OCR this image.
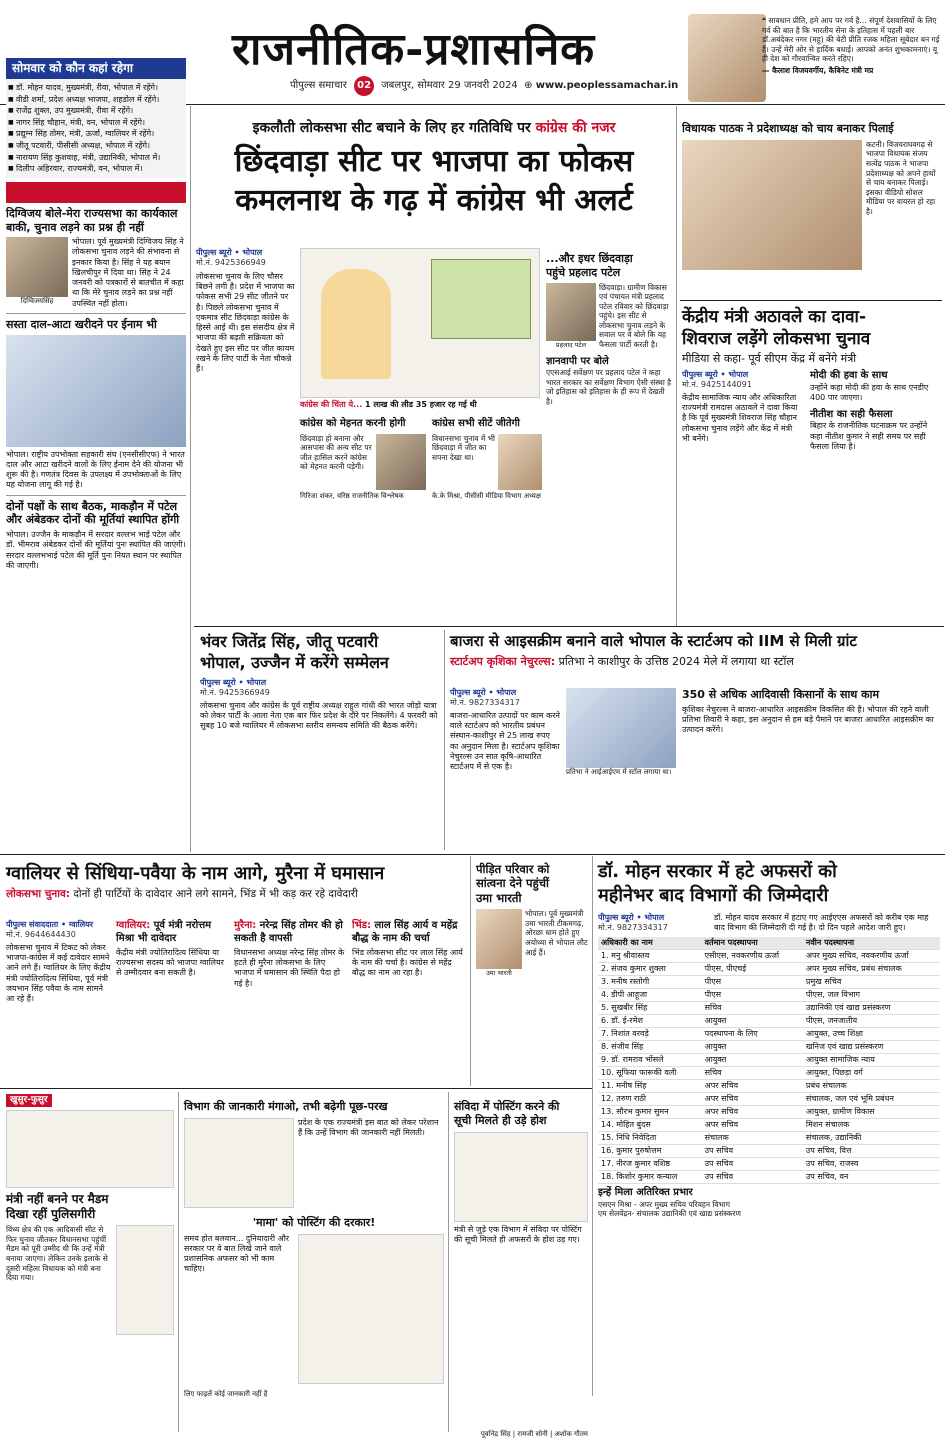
राजनीतिक-प्रशासनिक
पीपुल्स समाचार 02 जबलपुर, सोमवार 29 जनवरी 2024 ⊕ www.peoplessamachar.in
❝ सावधान प्रीति, हमे आप पर गर्व है... संपूर्ण देशवासियों के लिए गर्व की बात है कि भारतीय सेना के इतिहास में पहली बार डॉ.अबंदेकर नगर (महू) की बेटी प्रीति रजक महिला सूबेदार बन गई हैं। उन्हें मेरी ओर से हार्दिक बधाई। आपको अनंत शुभकामनाएं। यू ही देश को गौरवान्वित करते रहिए।
— कैलाश विजयवर्गीय, कैबिनेट मंत्री मप्र
सोमवार को कौन कहां रहेगा
■ डॉ. मोहन यादव, मुख्यमंत्री, रीवा, भोपाल में रहेंगे।
■ वीडी शर्मा, प्रदेश अध्यक्ष भाजपा, शहडोल में रहेंगे।
■ राजेंद्र शुक्ल, उप मुख्यमंत्री, रीवा में रहेंगे।
■ नागर सिंह चौहान, मंत्री, वन, भोपाल में रहेंगे।
■ प्रद्युम्न सिंह तोमर, मंत्री, ऊर्जा, ग्वालियर में रहेंगे।
■ जीतू पटवारी, पीसीसी अध्यक्ष, भोपाल में रहेंगे।
■ नारायण सिंह कुशवाह, मंत्री, उद्यानिकी, भोपाल में।
■ दिलीप अहिरवार, राज्यमंत्री, वन, भोपाल में।
सार - समाचार
दिग्विजय बोले-मेरा राज्यसभा का कार्यकाल बाकी, चुनाव लड़ने का प्रश्न ही नहीं
दिग्विजयसिंह
भोपाल। पूर्व मुख्यमंत्री दिग्विजय सिंह ने लोकसभा चुनाव लड़ने की संभावना से इनकार किया है। सिंह ने यह बयान खिलचीपुर में दिया था। सिंह ने 24 जनवरी को पत्रकारों से बातचीत में कहा था कि मेरे चुनाव लड़ने का प्रश्न नहीं उपस्थित नहीं होता।
सस्ता दाल-आटा खरीदने पर ईनाम भी
भोपाल। राष्ट्रीय उपभोक्ता सहकारी संघ (एनसीसीएफ) ने भारत दाल और आटा खरीदने वालों के लिए ईनाम देने की योजना भी शुरू की है। गणतंत्र दिवस के उपलक्ष्य में उपभोक्ताओं के लिए यह योजना लागू की गई है।
दोनों पक्षों के साथ बैठक, माकड़ौन में पटेल और अंबेडकर दोनों की मूर्तियां स्थापित होंगी
भोपाल। उज्जैन के माकड़ौन में सरदार वल्लभ भाई पटेल और डॉ. भीमराव अंबेडकर दोनों की मूर्तियां पुनः स्थापित की जाएंगी। सरदार वल्लभभाई पटेल की मूर्ति पुनः नियत स्थान पर स्थापित की जाएगी।
इकलौती लोकसभा सीट बचाने के लिए हर गतिविधि पर कांग्रेस की नजर
छिंदवाड़ा सीट पर भाजपा का फोकस
कमलनाथ के गढ़ में कांग्रेस भी अलर्ट
पीपुल्स ब्यूरो • भोपाल
मो.नं. 9425366949
लोकसभा चुनाव के लिए चौसर बिछने लगी है। प्रदेश में भाजपा का फोकस सभी 29 सीट जीतने पर है। पिछले लोकसभा चुनाव में एकमात्र सीट छिंदवाड़ा कांग्रेस के हिस्से आई थी। इस संसदीय क्षेत्र में भाजपा की बढ़ती सक्रियता को देखते हुए इस सीट पर जीत कायम रखने के लिए पार्टी के नेता चौकन्ने हैं।
कांग्रेस की चिंता ये... 1 लाख की लीड 35 हजार रह गई थी
...और इधर छिंदवाड़ा
पहुंचे प्रहलाद पटेल
प्रहलाद पटेल
छिंदवाड़ा। ग्रामीण विकास एवं पंचायत मंत्री प्रहलाद पटेल रविवार को छिंदवाड़ा पहुंचे। इस सीट से लोकसभा चुनाव लड़ने के सवाल पर वे बोले कि यह फैसला पार्टी करती है।
ज्ञानवापी पर बोले
एएसआई सर्वेक्षण पर प्रहलाद पटेल ने कहा भारत सरकार का सर्वेक्षण विभाग ऐसी संस्था है जो इतिहास को इतिहास के ही रूप में देखती है।
कांग्रेस को मेहनत करनी होगी
छिंदवाड़ा हो बनाना और आसपास की अन्य सीट पर जीत हासिल करने कांग्रेस को मेहनत करनी पड़ेगी।
गिरिजा शंकर, वरिष्ठ राजनीतिक विश्लेषक
कांग्रेस सभी सीटें जीतेगी
विधानसभा चुनाव में भी छिंदवाड़ा में जीत का सपना देखा था।
के.के मिश्रा, पीसीसी मीडिया विभाग अध्यक्ष
विधायक पाठक ने प्रदेशाध्यक्ष को चाय बनाकर पिलाई
कटनी। विजयराघवगढ़ से भाजपा विधायक संजय सत्येंद्र पाठक ने भाजपा प्रदेशाध्यक्ष को अपने हाथों से चाय बनाकर पिलाई। इसका वीडियो सोशल मीडिया पर वायरल हो रहा है।
केंद्रीय मंत्री अठावले का दावा-
शिवराज लड़ेंगे लोकसभा चुनाव
मीडिया से कहा- पूर्व सीएम केंद्र में बनेंगे मंत्री
पीपुल्स ब्यूरो • भोपाल
मो.नं. 9425144091
केंद्रीय सामाजिक न्याय और अधिकारिता राज्यमंत्री रामदास अठावले ने दावा किया है कि पूर्व मुख्यमंत्री शिवराज सिंह चौहान लोकसभा चुनाव लड़ेंगे और केंद्र में मंत्री भी बनेंगे।
मोदी की हवा के साथ
उन्होंने कहा मोदी की हवा के साथ एनडीए 400 पार जाएगा।
नीतीश का सही फैसला
बिहार के राजनीतिक घटनाक्रम पर उन्होंने कहा नीतीश कुमार ने सही समय पर सही फैसला लिया है।
भंवर जितेंद्र सिंह, जीतू पटवारी
भोपाल, उज्जैन में करेंगे सम्मेलन
पीपुल्स ब्यूरो • भोपाल
मो.नं. 9425366949
लोकसभा चुनाव और कांग्रेस के पूर्व राष्ट्रीय अध्यक्ष राहुल गांधी की भारत जोड़ो यात्रा को लेकर पार्टी के आला नेता एक बार फिर प्रदेश के दौरे पर निकलेंगे। 4 फरवरी को सुबह 10 बजे ग्वालियर में लोकसभा स्तरीय समन्वय समिति की बैठक करेंगे।
बाजरा से आइसक्रीम बनाने वाले भोपाल के स्टार्टअप को IIM से मिली ग्रांट
स्टार्टअप कृशिका नेचुरल्स: प्रतिभा ने काशीपुर के उत्तिष्ठ 2024 मेले में लगाया था स्टॉल
पीपुल्स ब्यूरो • भोपाल
मो.नं. 9827334317
बाजरा-आधारित उत्पादों पर काम करने वाले स्टार्टअप को भारतीय प्रबंधन संस्थान-काशीपुर से 25 लाख रुपए का अनुदान मिला है। स्टार्टअप कृशिका नेचुरल्स उन सात कृषि-आधारित स्टार्टअप में से एक है।
प्रतिभा ने आईआईएम में स्टॉल लगाया था।
350 से अधिक आदिवासी किसानों के साथ काम
कृशिका नेचुरल्स ने बाजरा-आधारित आइसक्रीम विकसित की है। भोपाल की रहने वाली प्रतिभा तिवारी ने कहा, इस अनुदान से हम बड़े पैमाने पर बाजरा आधारित आइसक्रीम का उत्पादन करेंगे।
ग्वालियर से सिंधिया-पवैया के नाम आगे, मुरैना में घमासान
लोकसभा चुनाव: दोनों ही पार्टियों के दावेदार आने लगे सामने, भिंड में भी कड़ कर रहे दावेदारी
पीपुल्स संवाददाता • ग्वालियर
मो.नं. 9644644430
लोकसभा चुनाव में टिकट को लेकर भाजपा-कांग्रेस में कई दावेदार सामने आने लगे हैं। ग्वालियर के लिए केंद्रीय मंत्री ज्योतिरादित्य सिंधिया, पूर्व मंत्री जयभान सिंह पवैया के नाम सामने आ रहे हैं।
ग्वालियर: पूर्व मंत्री नरोत्तम मिश्रा भी दावेदार
केंद्रीय मंत्री ज्योतिरादित्य सिंधिया या राज्यसभा सदस्य को भाजपा ग्वालियर से उम्मीदवार बना सकती है।
मुरैना: नरेन्द्र सिंह तोमर की हो सकती है वापसी
विधानसभा अध्यक्ष नरेन्द्र सिंह तोमर के हटते ही मुरैना लोकसभा के लिए भाजपा में घमासान की स्थिति पैदा हो गई है।
भिंड: लाल सिंह आर्य व महेंद्र बौद्ध के नाम की चर्चा
भिंड लोकसभा सीट पर लाल सिंह आर्य के नाम की चर्चा है। कांग्रेस से महेंद्र बौद्ध का नाम आ रहा है।
पीड़ित परिवार को
सांत्वना देने पहुंचीं
उमा भारती
उमा भारती
भोपाल। पूर्व मुख्यमंत्री उमा भारती टीकमगढ़, ओरछा धाम होते हुए अयोध्या से भोपाल लौट आई हैं।
डॉ. मोहन सरकार में हटे अफसरों को
महीनेभर बाद विभागों की जिम्मेदारी
पीपुल्स ब्यूरो • भोपाल
मो.नं. 9827334317
डॉ. मोहन यादव सरकार में हटाए गए आईएएस अफसरों को करीब एक माह बाद विभाग की जिम्मेदारी दी गई है। दो दिन पहले आदेश जारी हुए।
अधिकारी का नाम	वर्तमान पदस्थापना	नवीन पदस्थापना
1. मनु श्रीवास्तव	एसीएस, नवकरणीय ऊर्जा	अपर मुख्य सचिव, नवकरणीय ऊर्जा
2. संजय कुमार शुक्ला	पीएस, पीएचई	अपर मुख्य सचिव, प्रबंध संचालक
3. मनीष रस्तोगी	पीएस	प्रमुख सचिव
4. डीपी आहूजा	पीएस	पीएस, जल विभाग
5. सुखबीर सिंह	सचिव	उद्यानिकी एवं खाद्य प्रसंस्करण
6. डॉ. ई-रमेश	आयुक्त	पीएस, जनजातीय
7. निशांत वरवड़े	पदस्थापना के लिए	आयुक्त, उच्च शिक्षा
8. संजीव सिंह	आयुक्त	खनिज एवं खाद्य प्रसंस्करण
9. डॉ. रामराव भोंसले	आयुक्त	आयुक्त सामाजिक न्याय
10. सूफिया फारूकी वली	सचिव	आयुक्त, पिछड़ा वर्ग
11. मनीष सिंह	अपर सचिव	प्रबंध संचालक
12. तरुण राठी	अपर सचिव	संचालक, जल एवं भूमि प्रबंधन
13. सौरभ कुमार सुमन	अपर सचिव	आयुक्त, ग्रामीण विकास
14. मोहित बुंदस	अपर सचिव	मिशन संचालक
15. निधि निवेदिता	संचालक	संचालक, उद्यानिकी
16. कुमार पुरुषोत्तम	उप सचिव	उप सचिव, वित्त
17. नीरज कुमार वशिष्ठ	उप सचिव	उप सचिव, राजस्व
18. किशोर कुमार कन्याल	उप सचिव	उप सचिव, वन
इन्हें मिला अतिरिक्त प्रभार
एसएन मिश्रा - अपर मुख्य सचिव परिवहन विभाग
एम सेलवेंद्रन- संचालक उद्यानिकी एवं खाद्य प्रसंस्करण
खुसुर-फुसुर
मंत्री नहीं बनने पर मैडम
दिखा रहीं पुलिसगीरी
विंध्य क्षेत्र की एक आदिवासी सीट से फिर चुनाव जीतकर विधानसभा पहुंचीं मैडम को पूरी उम्मीद थी कि उन्हें मंत्री बनाया जाएगा। लेकिन उनके इलाके से दूसरी महिला विधायक को मंत्री बना दिया गया।
विभाग की जानकारी मंगाओ, तभी बढ़ेगी पूछ-परख
प्रदेश के एक राज्यमंत्री इस बात को लेकर परेशान हैं कि उन्हें विभाग की जानकारी नहीं मिलती।
'मामा' को पोस्टिंग की दरकार!
समय होत बलवान... दुनियादारी और सरकार पर वे बात लिखे जाने वाले प्रशासनिक अफसर को भी काम चाहिए।
संविदा में पोस्टिंग करने की
सूची मिलते ही उड़े होश
मंत्री से जुड़े एक विभाग में संविदा पर पोस्टिंग की सूची मिलते ही अफसरों के होश उड़ गए।
लिए फाइलें कोई जानकारी नहीं है
पूर्वानेद्र सिंह | रामजी सोनी | अशोक गौतम
